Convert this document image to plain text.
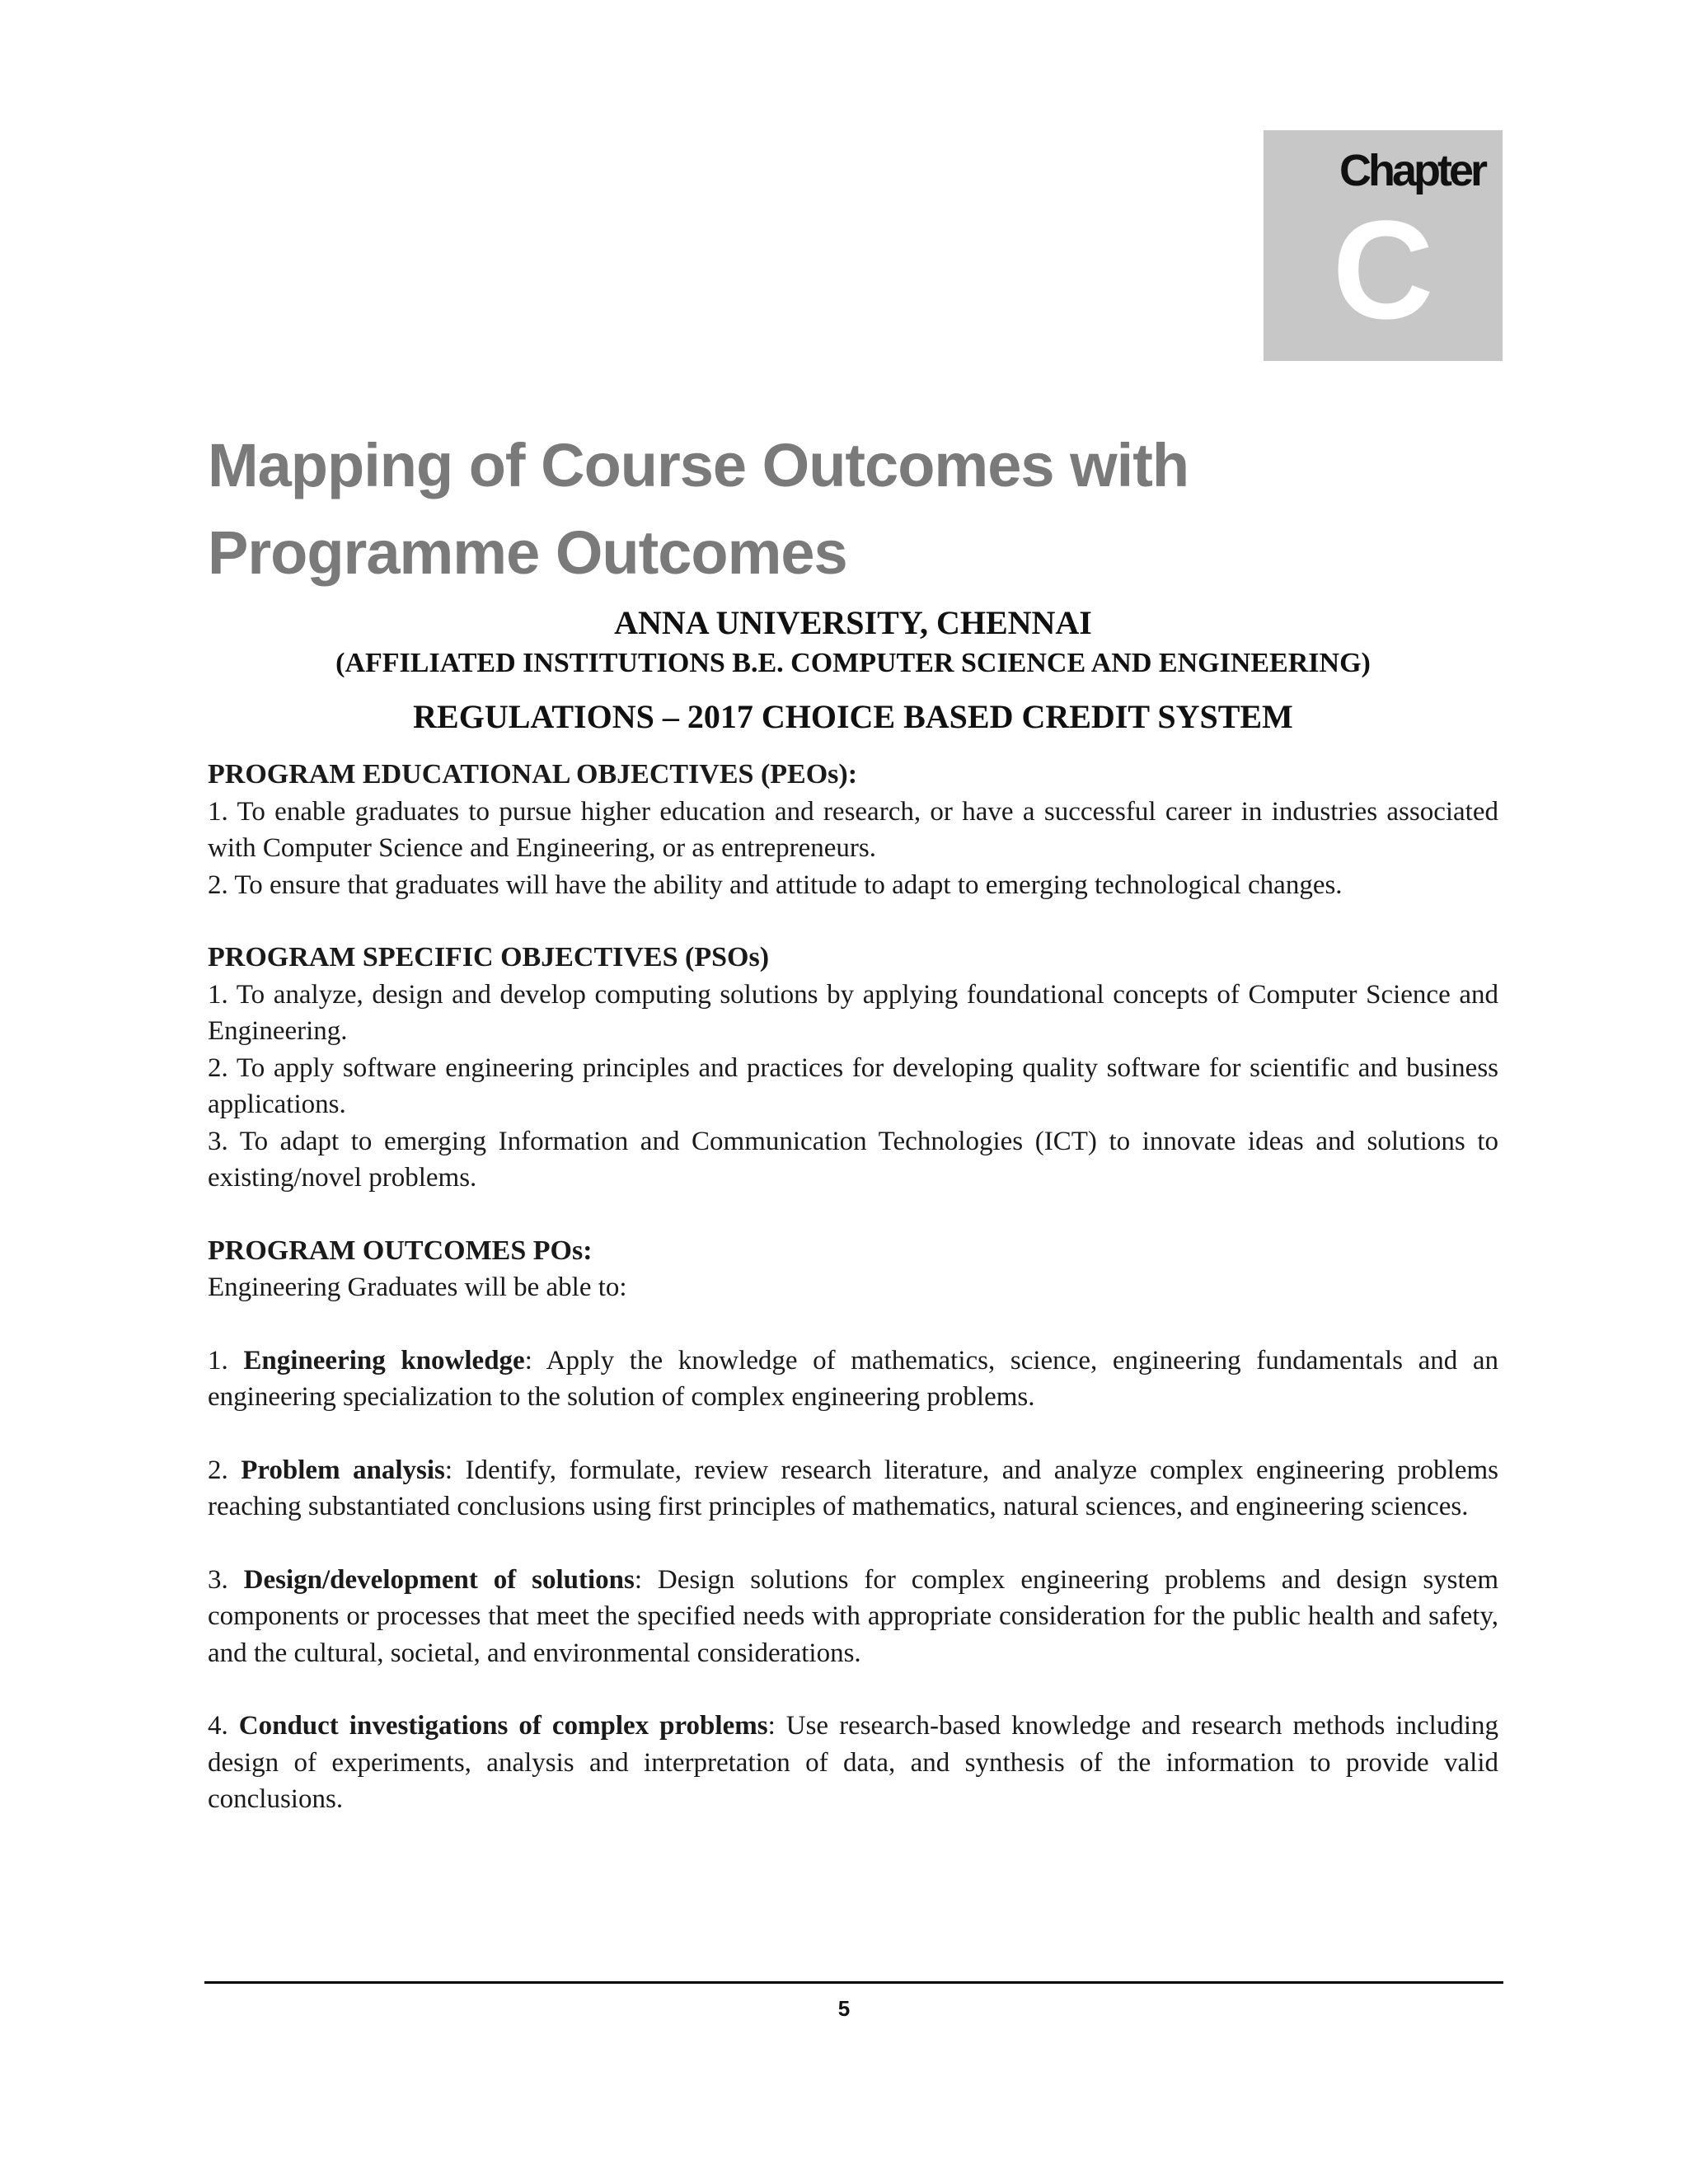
Chapter
C
Mapping of Course Outcomes with
Programme Outcomes
ANNA UNIVERSITY, CHENNAI
(AFFILIATED INSTITUTIONS B.E. COMPUTER SCIENCE AND ENGINEERING)
REGULATIONS – 2017 CHOICE BASED CREDIT SYSTEM

PROGRAM EDUCATIONAL OBJECTIVES (PEOs):

1. To enable graduates to pursue higher education and research, or have a successful career in industries associated with Computer Science and Engineering, or as entrepreneurs.

2. To ensure that graduates will have the ability and attitude to adapt to emerging technological changes.

PROGRAM SPECIFIC OBJECTIVES (PSOs)

1. To analyze, design and develop computing solutions by applying foundational concepts of Computer Science and Engineering.

2. To apply software engineering principles and practices for developing quality software for scientific and business applications.

3. To adapt to emerging Information and Communication Technologies (ICT) to innovate ideas and solutions to existing/novel problems.

PROGRAM OUTCOMES POs:

Engineering Graduates will be able to:

1. Engineering knowledge: Apply the knowledge of mathematics, science, engineering fundamentals and an engineering specialization to the solution of complex engineering problems.

2. Problem analysis: Identify, formulate, review research literature, and analyze complex engineering problems reaching substantiated conclusions using first principles of mathematics, natural sciences, and engineering sciences.

3. Design/development of solutions: Design solutions for complex engineering problems and design system components or processes that meet the specified needs with appropriate consideration for the public health and safety, and the cultural, societal, and environmental considerations.

4. Conduct investigations of complex problems: Use research-based knowledge and research methods including design of experiments, analysis and interpretation of data, and synthesis of the information to provide valid conclusions.

5
